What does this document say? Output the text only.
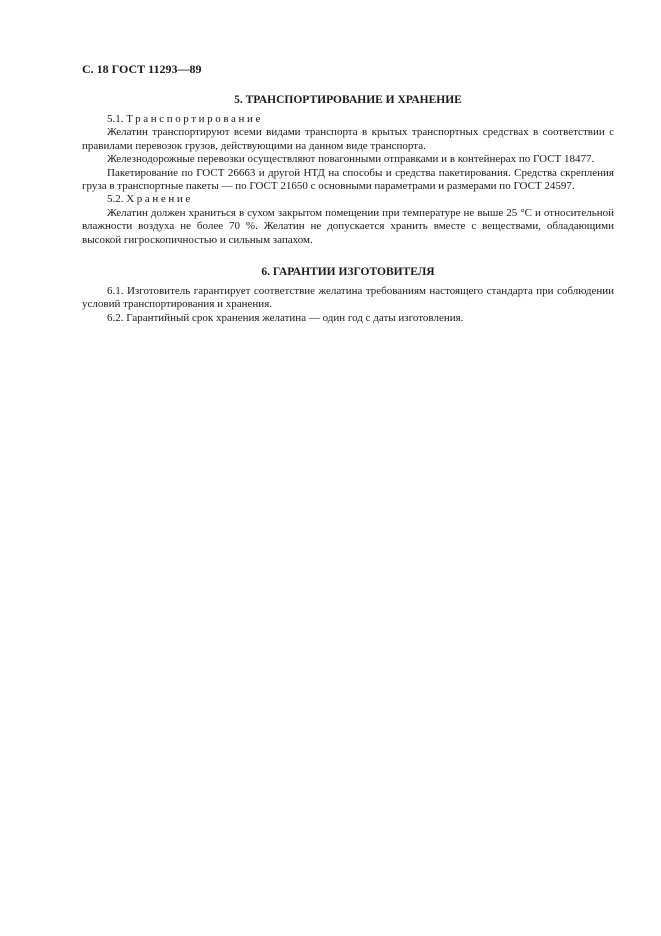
С. 18 ГОСТ 11293—89
5. ТРАНСПОРТИРОВАНИЕ И ХРАНЕНИЕ

5.1. Транспортирование

Желатин транспортируют всеми видами транспорта в крытых транспортных средствах в соответствии с правилами перевозок грузов, действующими на данном виде транспорта.

Железнодорожные перевозки осуществляют повагонными отправками и в контейнерах по ГОСТ 18477.

Пакетирование по ГОСТ 26663 и другой НТД на способы и средства пакетирования. Средства скрепления груза в транспортные пакеты — по ГОСТ 21650 с основными параметрами и размерами по ГОСТ 24597.

5.2. Хранение

Желатин должен храниться в сухом закрытом помещении при температуре не выше 25 °С и относительной влажности воздуха не более 70 %. Желатин не допускается хранить вместе с веществами, обладающими высокой гигроскопичностью и сильным запахом.

6. ГАРАНТИИ ИЗГОТОВИТЕЛЯ

6.1. Изготовитель гарантирует соответствие желатина требованиям настоящего стандарта при соблюдении условий транспортирования и хранения.

6.2. Гарантийный срок хранения желатина — один год с даты изготовления.
